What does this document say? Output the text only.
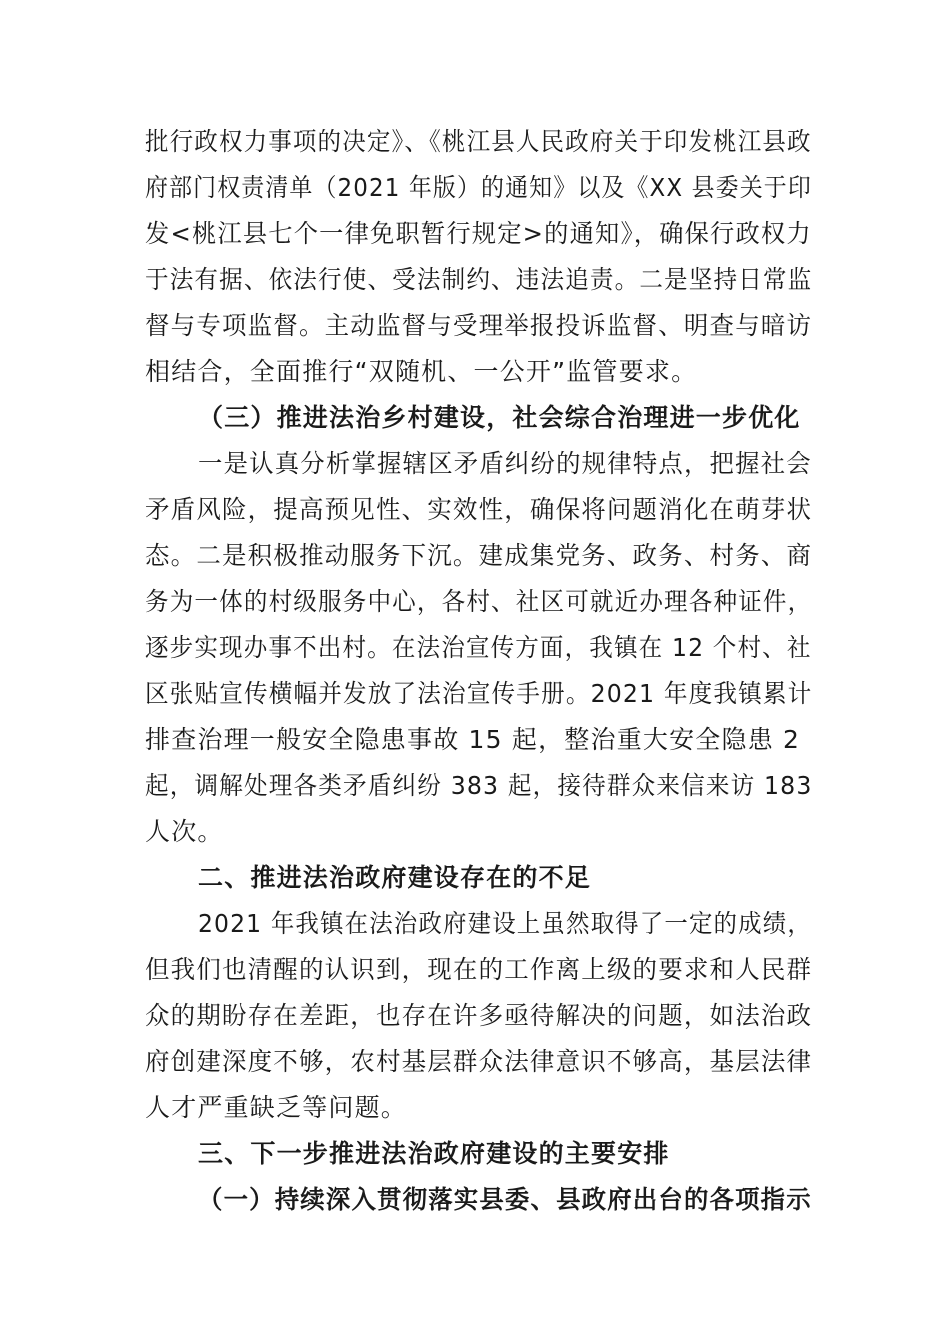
批行政权力事项的决定》、《桃江县人民政府关于印发桃江县政
府部门权责清单（2021 年版）的通知》以及《XX 县委关于印
发<桃江县七个一律免职暂行规定>的通知》，确保行政权力
于法有据、依法行使、受法制约、违法追责。二是坚持日常监
督与专项监督。主动监督与受理举报投诉监督、明查与暗访
相结合，全面推行“双随机、一公开”监管要求。
（三）推进法治乡村建设，社会综合治理进一步优化
一是认真分析掌握辖区矛盾纠纷的规律特点，把握社会
矛盾风险，提高预见性、实效性，确保将问题消化在萌芽状
态。二是积极推动服务下沉。建成集党务、政务、村务、商
务为一体的村级服务中心，各村、社区可就近办理各种证件，
逐步实现办事不出村。在法治宣传方面，我镇在 12 个村、社
区张贴宣传横幅并发放了法治宣传手册。2021 年度我镇累计
排查治理一般安全隐患事故 15 起，整治重大安全隐患 2
起，调解处理各类矛盾纠纷 383 起，接待群众来信来访 183
人次。
二、推进法治政府建设存在的不足
2021 年我镇在法治政府建设上虽然取得了一定的成绩，
但我们也清醒的认识到，现在的工作离上级的要求和人民群
众的期盼存在差距，也存在许多亟待解决的问题，如法治政
府创建深度不够，农村基层群众法律意识不够高，基层法律
人才严重缺乏等问题。
三、下一步推进法治政府建设的主要安排
（一）持续深入贯彻落实县委、县政府出台的各项指示
